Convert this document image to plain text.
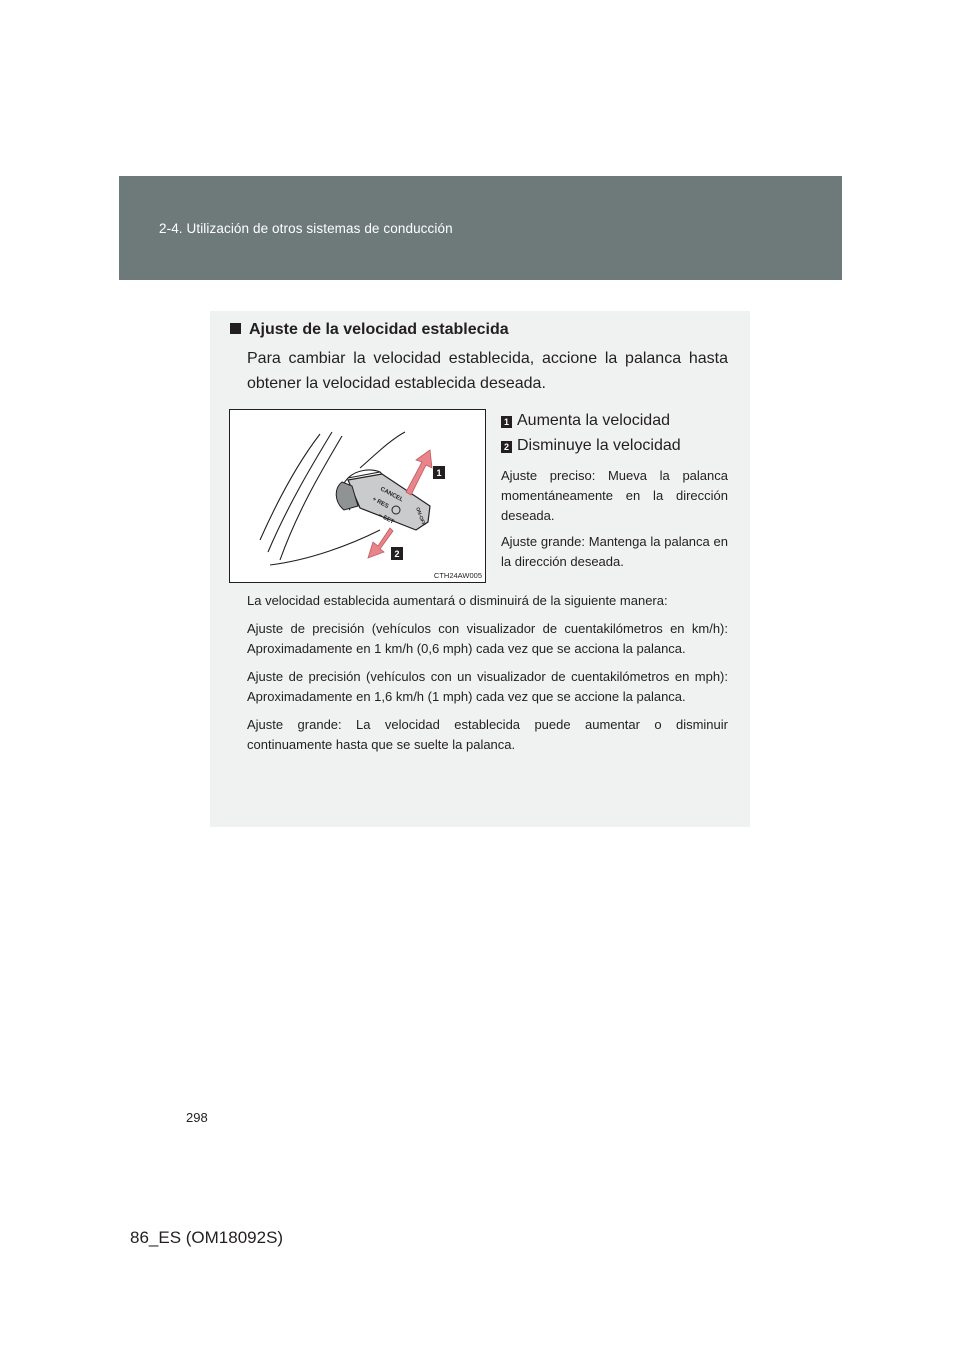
2-4. Utilización de otros sistemas de conducción
Ajuste de la velocidad establecida
Para cambiar la velocidad establecida, accione la palanca hasta obtener la velocidad establecida deseada.
CANCEL
+ RES
− SET	ON-OFF
1
2
CTH24AW005
1 Aumenta la velocidad
2 Disminuye la velocidad
Ajuste preciso: Mueva la palanca momentáneamente en la dirección deseada.
Ajuste grande: Mantenga la palanca en la dirección deseada.

La velocidad establecida aumentará o disminuirá de la siguiente manera:

Ajuste de precisión (vehículos con visualizador de cuentakilómetros en km/h): Aproximadamente en 1 km/h (0,6 mph) cada vez que se acciona la palanca.

Ajuste de precisión (vehículos con un visualizador de cuentakilómetros en mph): Aproximadamente en 1,6 km/h (1 mph) cada vez que se accione la palanca.

Ajuste grande: La velocidad establecida puede aumentar o disminuir continuamente hasta que se suelte la palanca.

298
86_ES (OM18092S)
